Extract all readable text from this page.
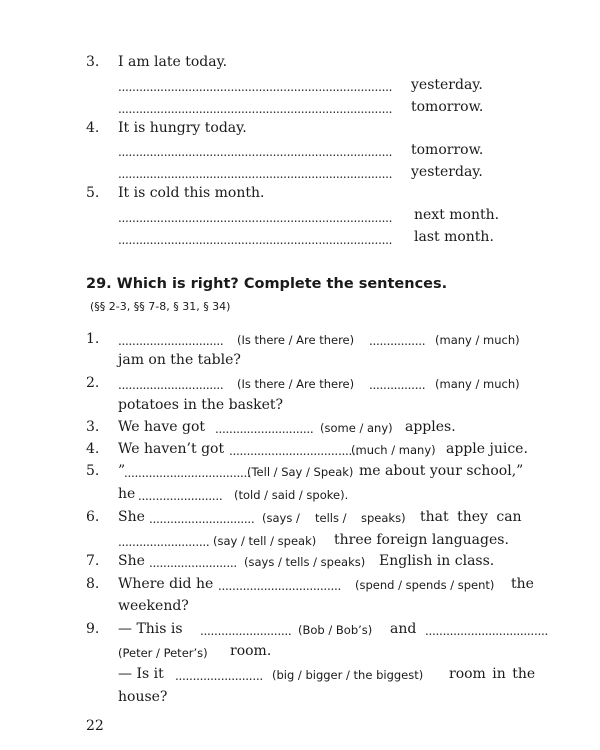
3. I am late today.
.............................................................................. yesterday.
.............................................................................. tomorrow.
4. It is hungry today.
.............................................................................. tomorrow.
.............................................................................. yesterday.
5. It is cold this month.
.............................................................................. next month.
.............................................................................. last month.
29. Which is right? Complete the sentences.
(§§ 2-3, §§ 7-8, § 31, § 34)
1. .............................. (Is there / Are there) ................ (many / much)
jam on the table?
2. .............................. (Is there / Are there) ................ (many / much)
potatoes in the basket?
3. We have got ............................ (some / any) apples.
4. We haven’t got .....................................
(much / many) apple juice.
5. ”
....................................
(Tell / Say / Speak) me about your school,”
he ........................ (told / said / spoke).
6. She .............................. (says / tells / speaks) that they can
.......................... (say / tell / speak) three foreign languages.
7. She ......................... (says / tells / speaks) English in class.
8. Where did he ................................... (spend / spends / spent) the
weekend?
9. — This is .......................... (Bob / Bob’s) and ...................................
(Peter / Peter’s) room.
— Is it ......................... (big / bigger / the biggest) room in the
house?
22
